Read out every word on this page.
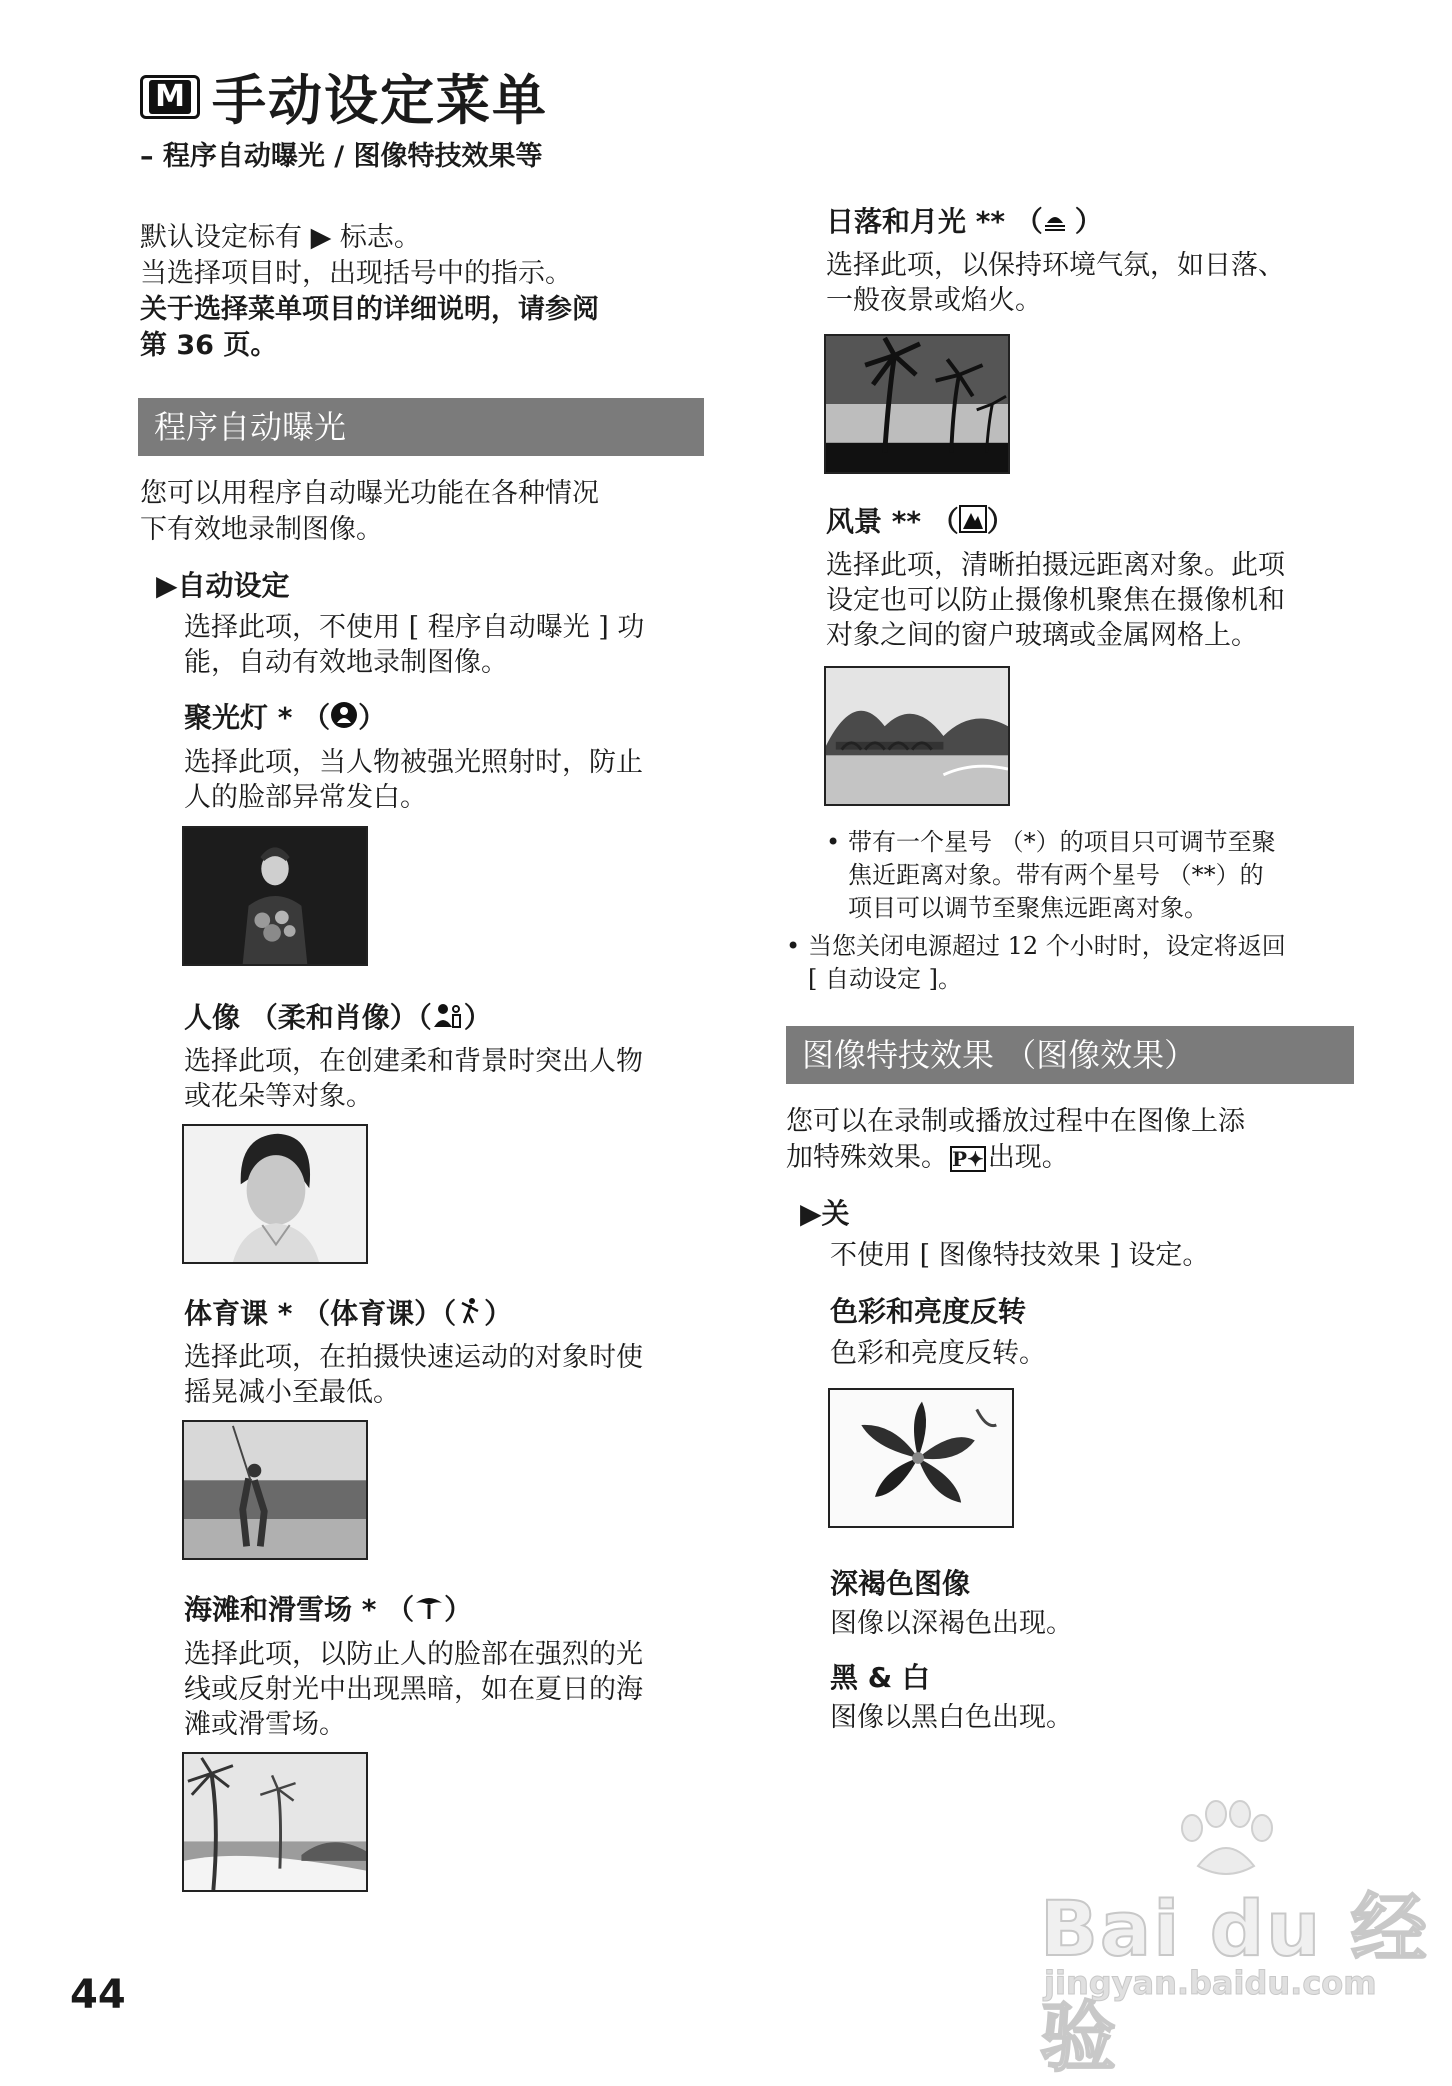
M 手动设定菜单
– 程序自动曝光 / 图像特技效果等
默认设定标有 ▶ 标志。
当选择项目时，出现括号中的指示。
关于选择菜单项目的详细说明，请参阅
第 36 页。
程序自动曝光
您可以用程序自动曝光功能在各种情况
下有效地录制图像。
▶自动设定
选择此项，不使用 [ 程序自动曝光 ] 功
能，自动有效地录制图像。
聚光灯 * （ ）
选择此项，当人物被强光照射时，防止
人的脸部异常发白。
人像 （柔和肖像）（ ）
选择此项，在创建柔和背景时突出人物
或花朵等对象。
体育课 * （体育课）（ ）
选择此项，在拍摄快速运动的对象时使
摇晃减小至最低。
海滩和滑雪场 * （ ）
选择此项，以防止人的脸部在强烈的光
线或反射光中出现黑暗，如在夏日的海
滩或滑雪场。
日落和月光 ** （ ）
选择此项，以保持环境气氛，如日落、
一般夜景或焰火。
风景 ** （ ）
选择此项，清晰拍摄远距离对象。此项
设定也可以防止摄像机聚焦在摄像机和
对象之间的窗户玻璃或金属网格上。
• 带有一个星号 （*）的项目只可调节至聚
焦近距离对象。带有两个星号 （**）的
项目可以调节至聚焦远距离对象。
• 当您关闭电源超过 12 个小时时，设定将返回
[ 自动设定 ]。
图像特技效果 （图像效果）
您可以在录制或播放过程中在图像上添
加特殊效果。 P✦ 出现。
▶关
不使用 [ 图像特技效果 ] 设定。
色彩和亮度反转
色彩和亮度反转。
深褐色图像
图像以深褐色出现。
黑 & 白
图像以黑白色出现。
44
Bai du 经验
jingyan.baidu.com
